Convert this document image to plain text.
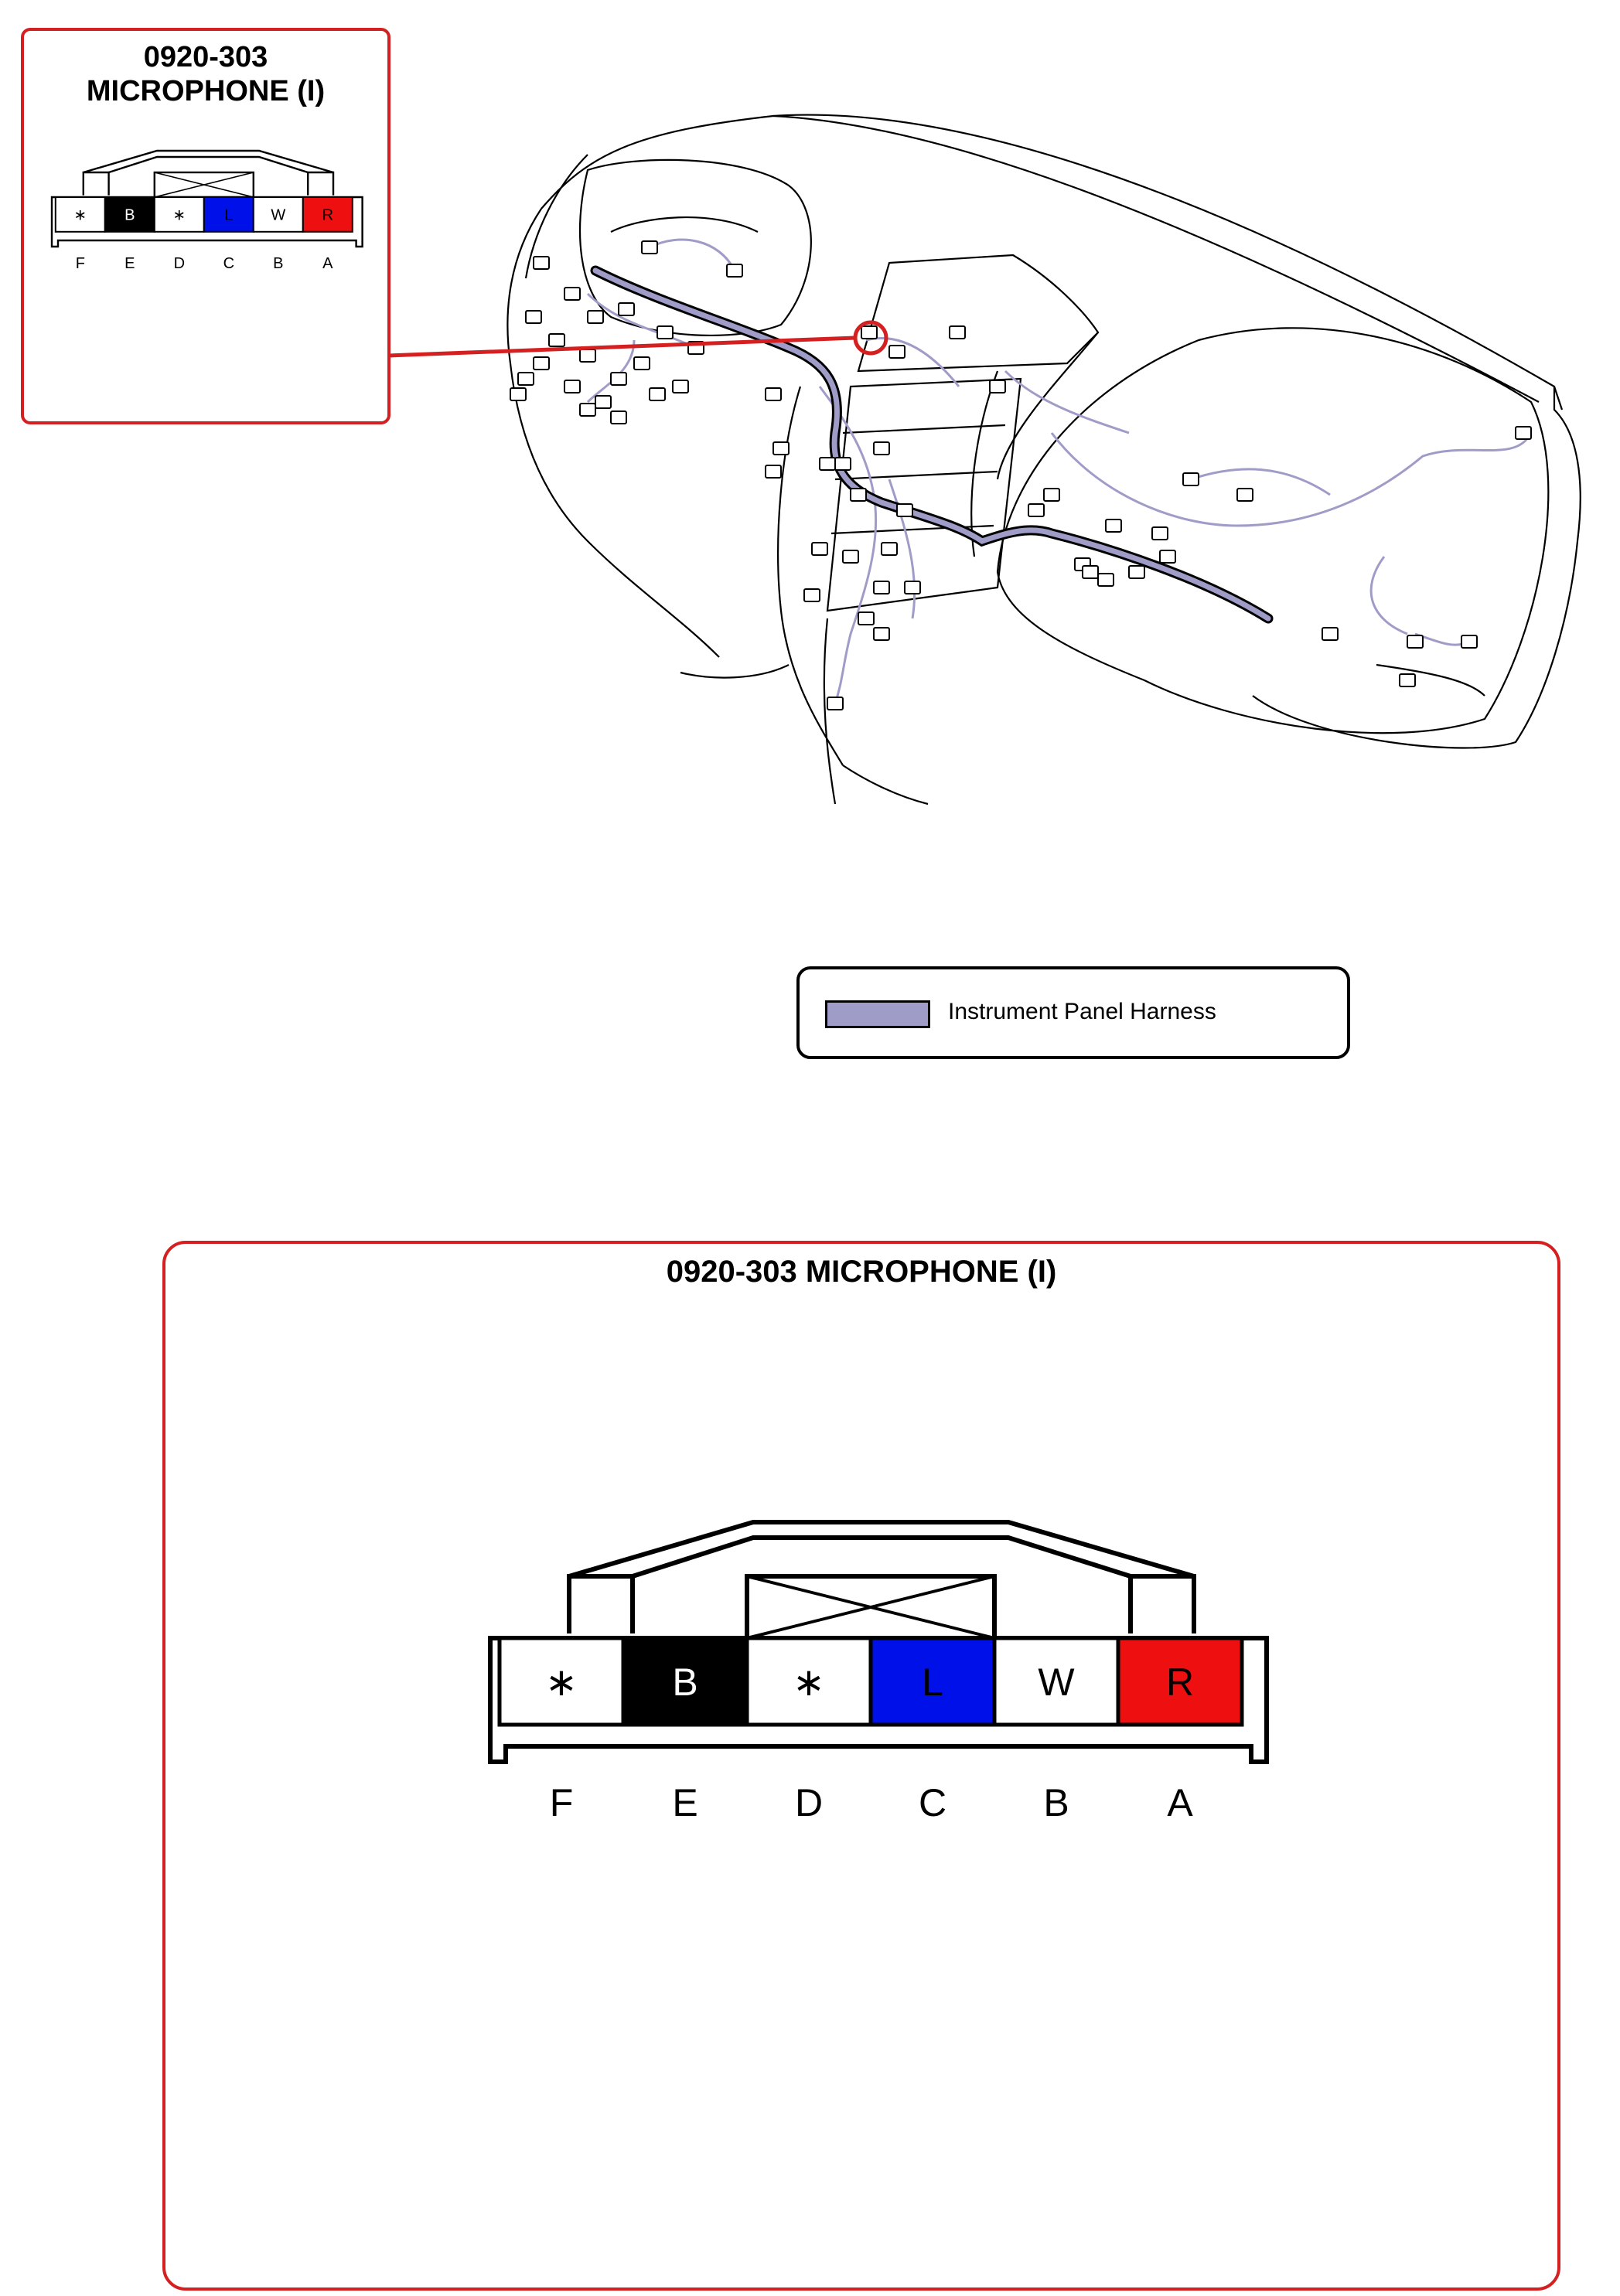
0920-303
MICROPHONE (I)
∗
F
B
E
∗
D
L
C
W
B
R
A
Instrument Panel Harness
0920-303 MICROPHONE (I)
∗
F
B
E
∗
D
L
C
W
B
R
A
